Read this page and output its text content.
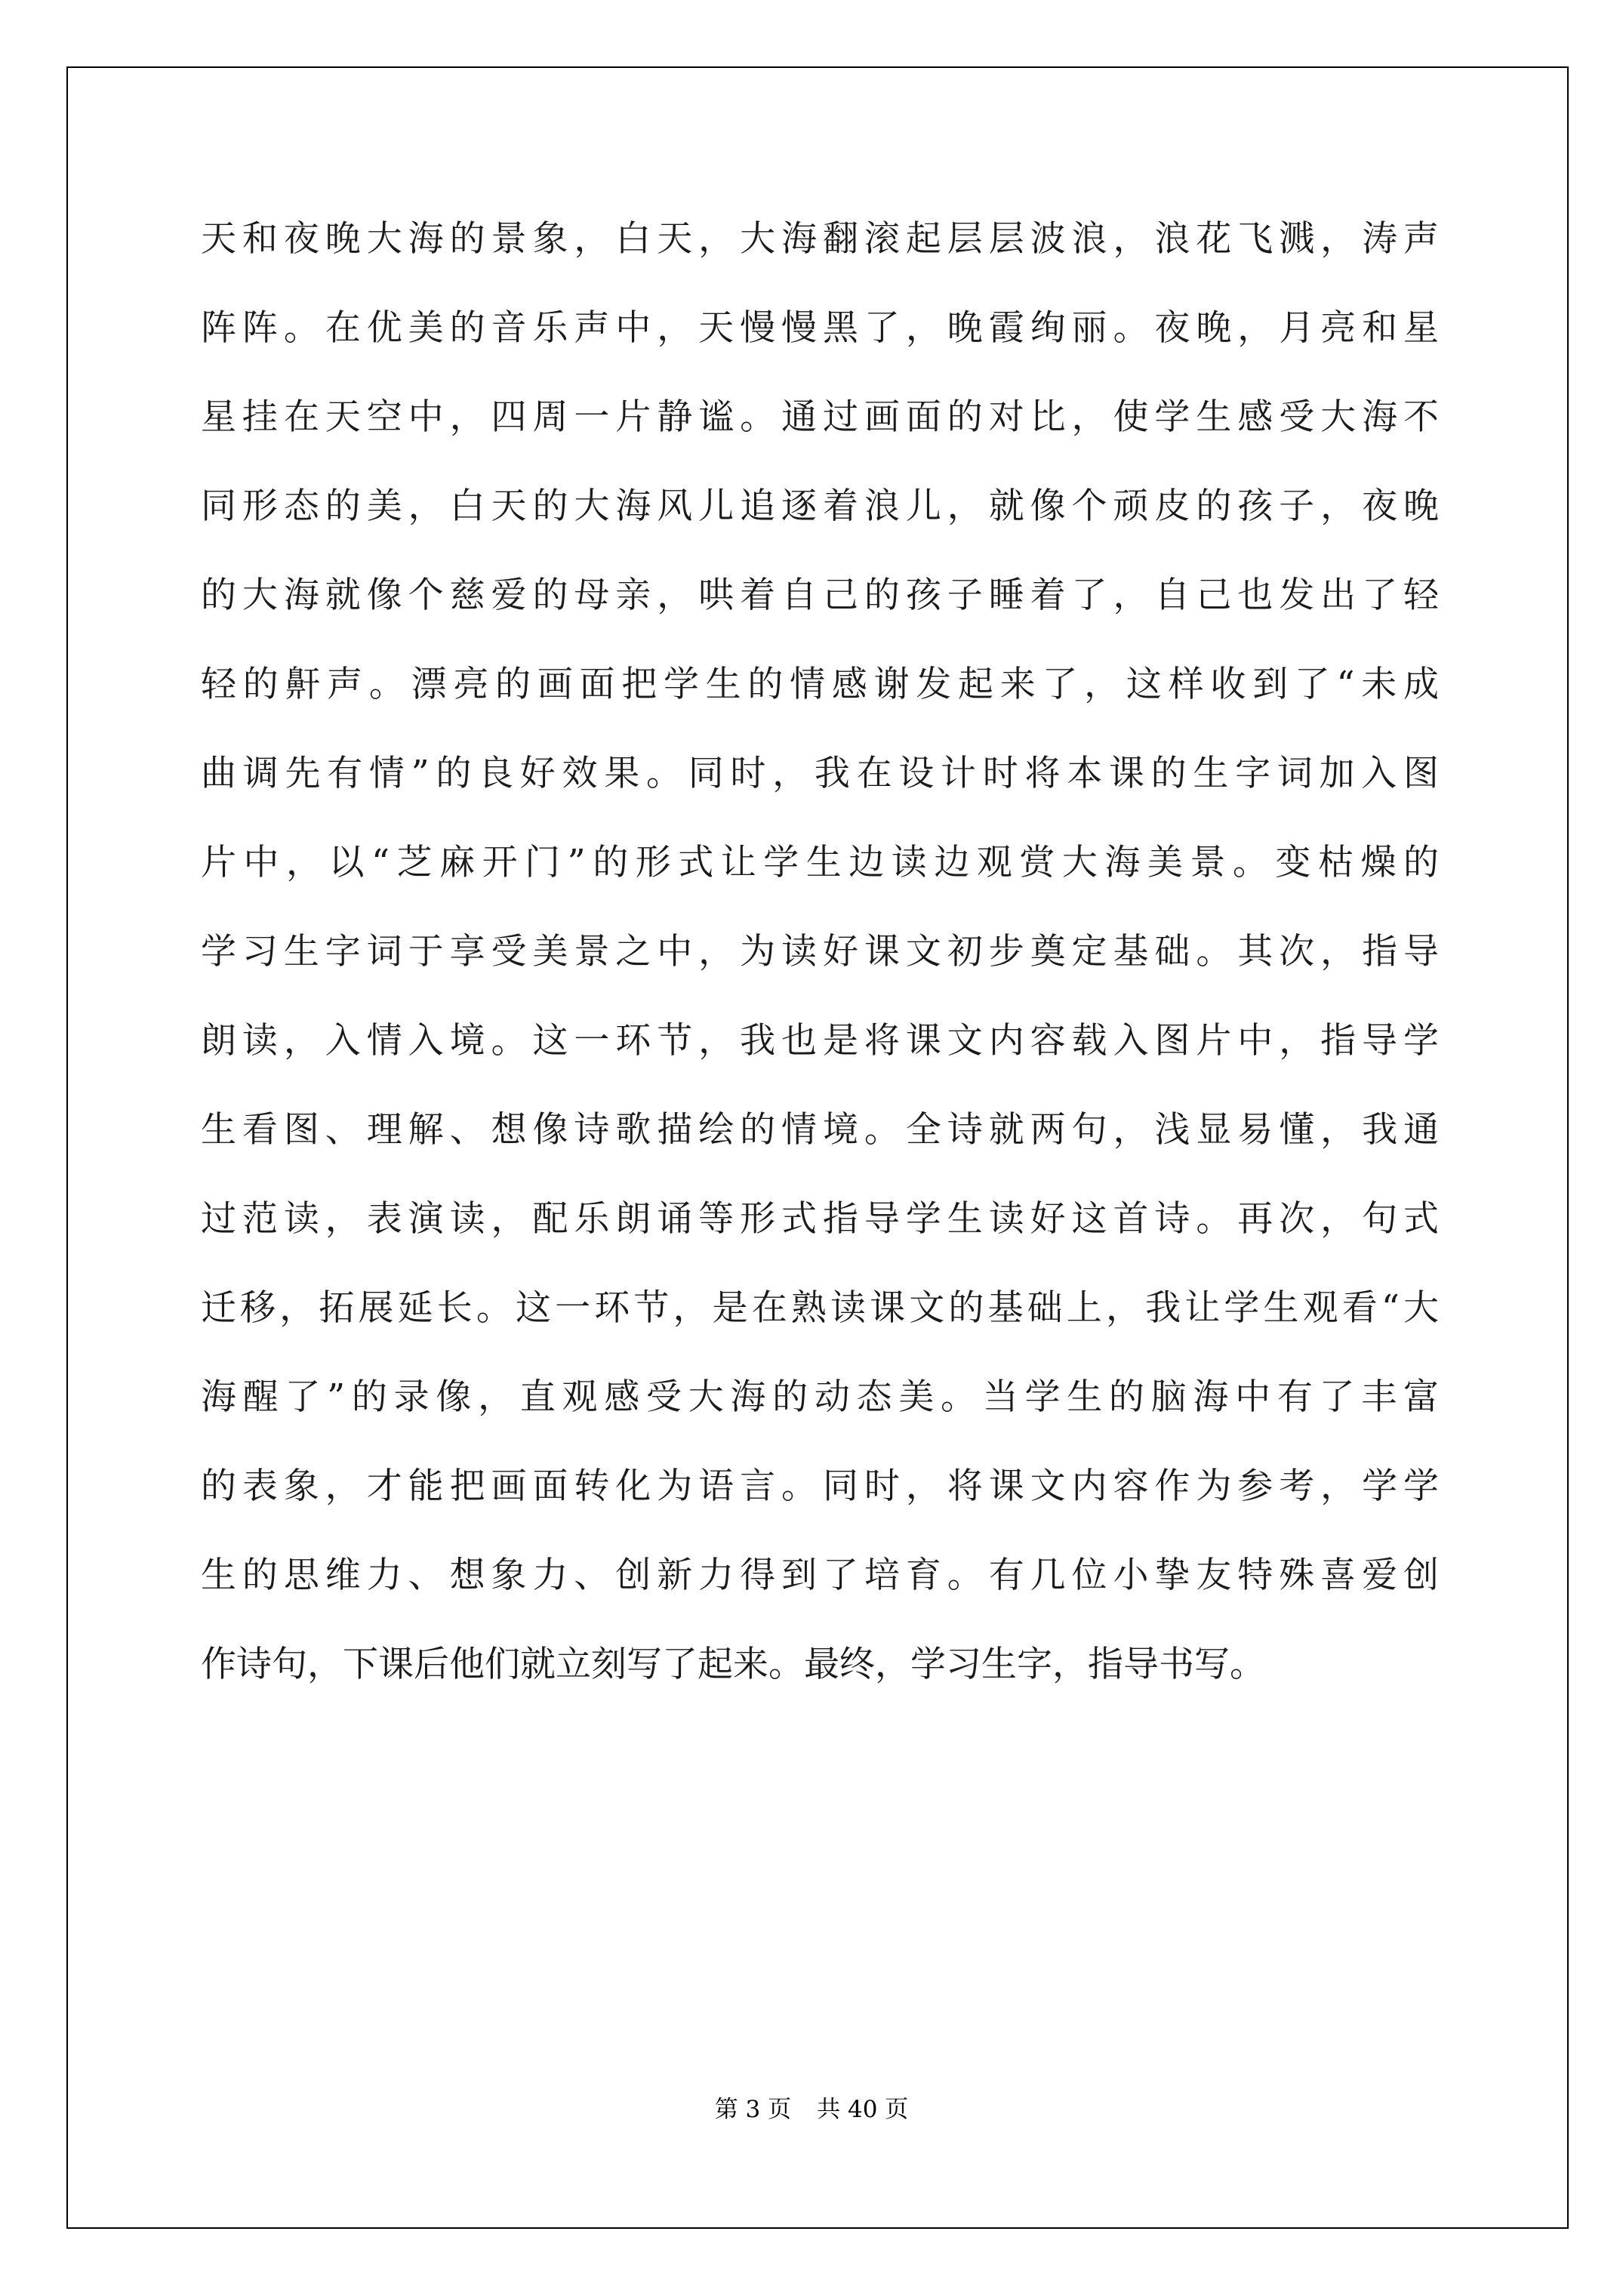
天和夜晚大海的景象，白天，大海翻滚起层层波浪，浪花飞溅，涛声
阵阵。在优美的音乐声中，天慢慢黑了，晚霞绚丽。夜晚，月亮和星
星挂在天空中，四周一片静谧。通过画面的对比，使学生感受大海不
同形态的美，白天的大海风儿追逐着浪儿，就像个顽皮的孩子，夜晚
的大海就像个慈爱的母亲，哄着自己的孩子睡着了，自己也发出了轻
轻的鼾声。漂亮的画面把学生的情感谢发起来了，这样收到了“未成
曲调先有情”的良好效果。同时，我在设计时将本课的生字词加入图
片中，以“芝麻开门”的形式让学生边读边观赏大海美景。变枯燥的
学习生字词于享受美景之中，为读好课文初步奠定基础。其次，指导
朗读，入情入境。这一环节，我也是将课文内容载入图片中，指导学
生看图、理解、想像诗歌描绘的情境。全诗就两句，浅显易懂，我通
过范读，表演读，配乐朗诵等形式指导学生读好这首诗。再次，句式
迁移，拓展延长。这一环节，是在熟读课文的基础上，我让学生观看“大
海醒了”的录像，直观感受大海的动态美。当学生的脑海中有了丰富
的表象，才能把画面转化为语言。同时，将课文内容作为参考，学学
生的思维力、想象力、创新力得到了培育。有几位小挚友特殊喜爱创
作诗句，下课后他们就立刻写了起来。最终，学习生字，指导书写。
第 3 页 共 40 页
